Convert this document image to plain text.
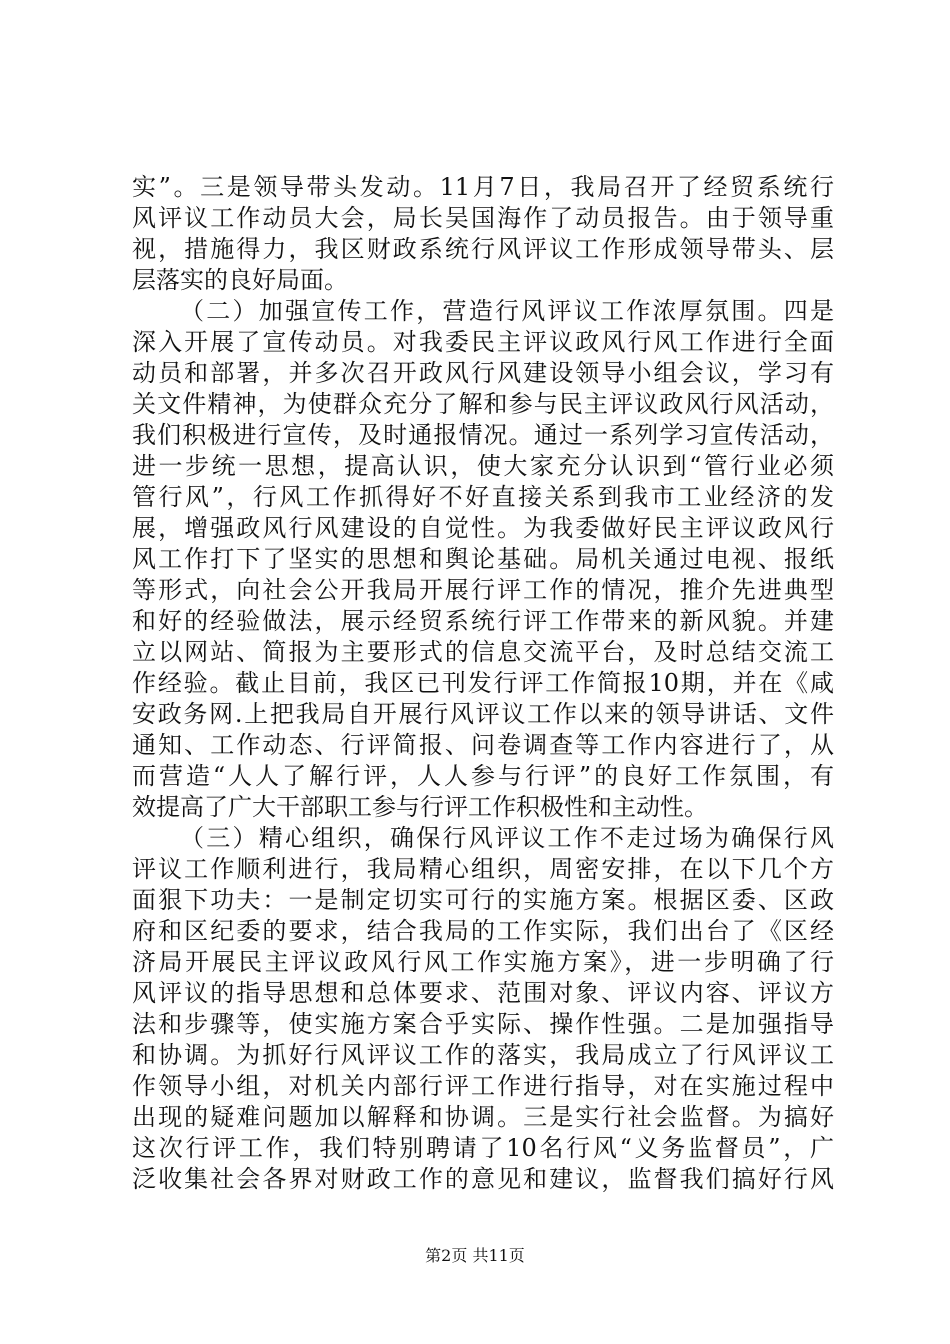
实”。三是领导带头发动。11月7日，我局召开了经贸系统行
风评议工作动员大会，局长吴国海作了动员报告。由于领导重
视，措施得力，我区财政系统行风评议工作形成领导带头、层
层落实的良好局面。
（二）加强宣传工作，营造行风评议工作浓厚氛围。四是
深入开展了宣传动员。对我委民主评议政风行风工作进行全面
动员和部署，并多次召开政风行风建设领导小组会议，学习有
关文件精神，为使群众充分了解和参与民主评议政风行风活动，
我们积极进行宣传，及时通报情况。通过一系列学习宣传活动，
进一步统一思想，提高认识，使大家充分认识到“管行业必须
管行风”，行风工作抓得好不好直接关系到我市工业经济的发
展，增强政风行风建设的自觉性。为我委做好民主评议政风行
风工作打下了坚实的思想和舆论基础。局机关通过电视、报纸
等形式，向社会公开我局开展行评工作的情况，推介先进典型
和好的经验做法，展示经贸系统行评工作带来的新风貌。并建
立以网站、简报为主要形式的信息交流平台，及时总结交流工
作经验。截止目前，我区已刊发行评工作简报10期，并在《咸
安政务网.上把我局自开展行风评议工作以来的领导讲话、文件
通知、工作动态、行评简报、问卷调查等工作内容进行了，从
而营造“人人了解行评，人人参与行评”的良好工作氛围，有
效提高了广大干部职工参与行评工作积极性和主动性。
（三）精心组织，确保行风评议工作不走过场为确保行风
评议工作顺利进行，我局精心组织，周密安排，在以下几个方
面狠下功夫：一是制定切实可行的实施方案。根据区委、区政
府和区纪委的要求，结合我局的工作实际，我们出台了《区经
济局开展民主评议政风行风工作实施方案》，进一步明确了行
风评议的指导思想和总体要求、范围对象、评议内容、评议方
法和步骤等，使实施方案合乎实际、操作性强。二是加强指导
和协调。为抓好行风评议工作的落实，我局成立了行风评议工
作领导小组，对机关内部行评工作进行指导，对在实施过程中
出现的疑难问题加以解释和协调。三是实行社会监督。为搞好
这次行评工作，我们特别聘请了10名行风“义务监督员”，广
泛收集社会各界对财政工作的意见和建议，监督我们搞好行风
第2页 共11页
